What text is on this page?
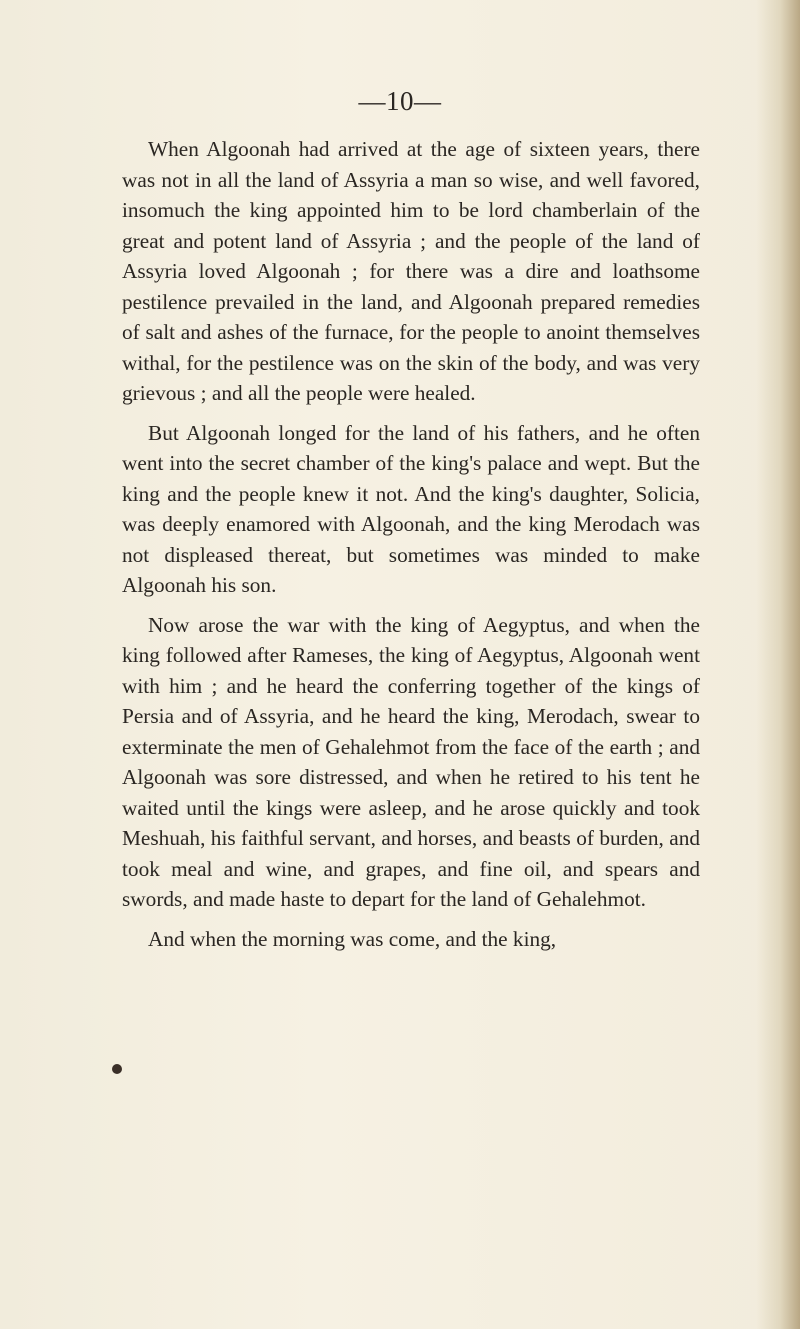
—10—

When Algoonah had arrived at the age of sixteen years, there was not in all the land of Assyria a man so wise, and well favored, insomuch the king appointed him to be lord chamberlain of the great and potent land of Assyria ; and the people of the land of Assyria loved Algoonah ; for there was a dire and loathsome pestilence prevailed in the land, and Algoonah prepared remedies of salt and ashes of the furnace, for the people to anoint themselves withal, for the pestilence was on the skin of the body, and was very grievous ; and all the people were healed.

But Algoonah longed for the land of his fathers, and he often went into the secret chamber of the king's palace and wept. But the king and the people knew it not. And the king's daughter, Solicia, was deeply enamored with Algoonah, and the king Merodach was not displeased thereat, but sometimes was minded to make Algoonah his son.

Now arose the war with the king of Aegyptus, and when the king followed after Rameses, the king of Aegyptus, Algoonah went with him ; and he heard the conferring together of the kings of Persia and of Assyria, and he heard the king, Merodach, swear to exterminate the men of Gehalehmot from the face of the earth ; and Algoonah was sore distressed, and when he retired to his tent he waited until the kings were asleep, and he arose quickly and took Meshuah, his faithful servant, and horses, and beasts of burden, and took meal and wine, and grapes, and fine oil, and spears and swords, and made haste to depart for the land of Gehalehmot.

And when the morning was come, and the king,
